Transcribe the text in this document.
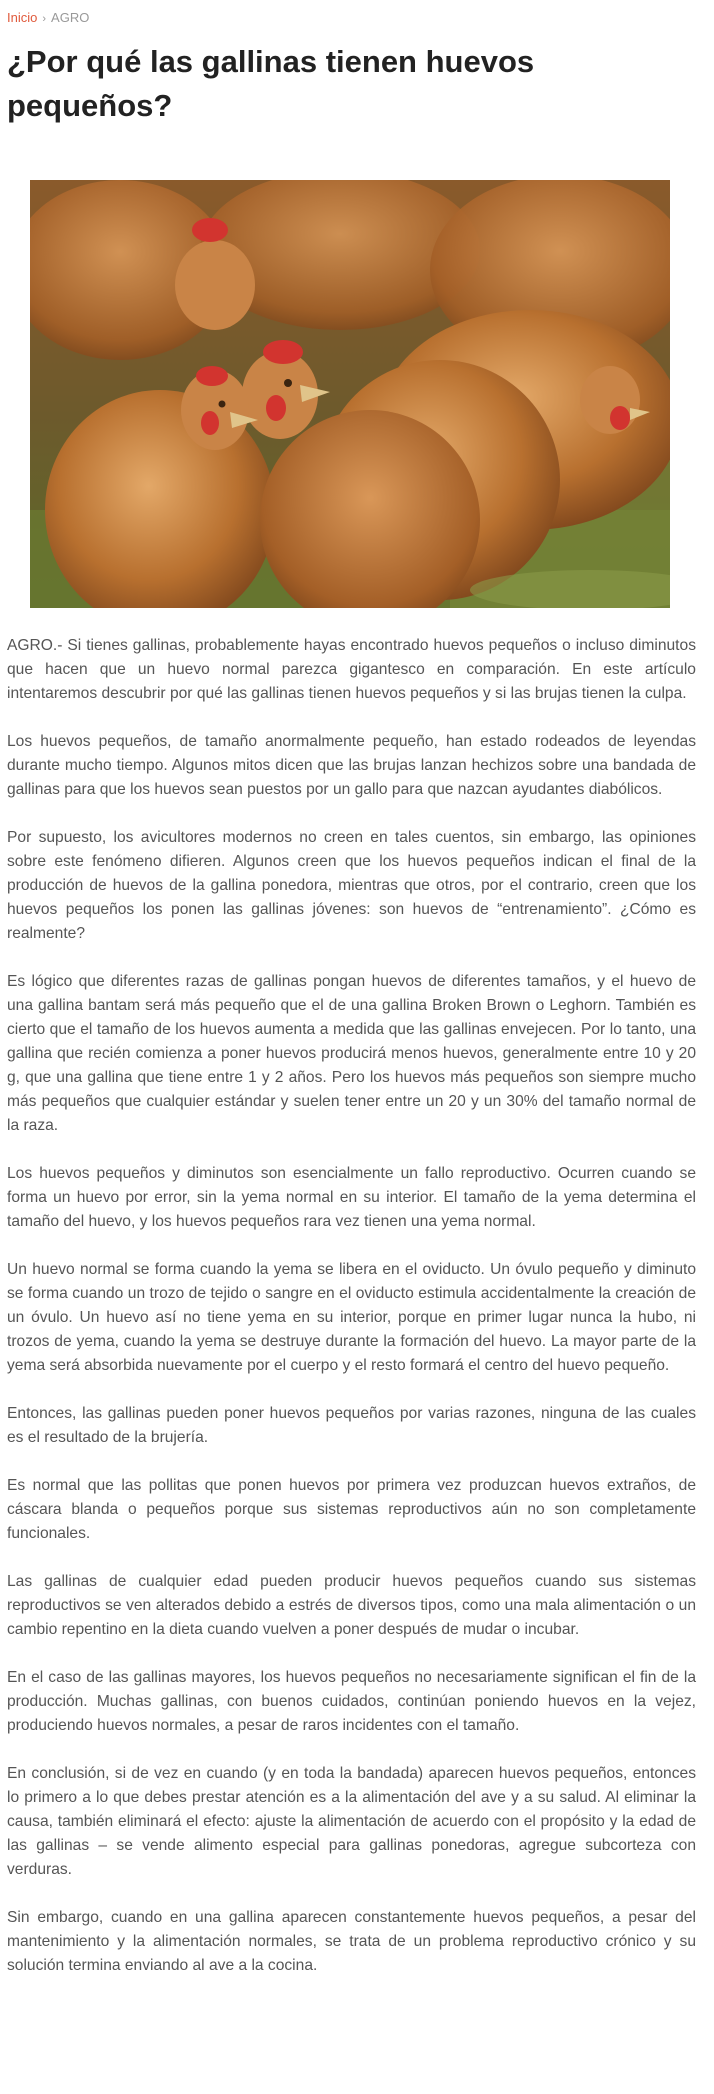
Inicio › AGRO
¿Por qué las gallinas tienen huevos pequeños?

AGRO.- Si tienes gallinas, probablemente hayas encontrado huevos pequeños o incluso diminutos que hacen que un huevo normal parezca gigantesco en comparación. En este artículo intentaremos descubrir por qué las gallinas tienen huevos pequeños y si las brujas tienen la culpa.

Los huevos pequeños, de tamaño anormalmente pequeño, han estado rodeados de leyendas durante mucho tiempo. Algunos mitos dicen que las brujas lanzan hechizos sobre una bandada de gallinas para que los huevos sean puestos por un gallo para que nazcan ayudantes diabólicos.

Por supuesto, los avicultores modernos no creen en tales cuentos, sin embargo, las opiniones sobre este fenómeno difieren. Algunos creen que los huevos pequeños indican el final de la producción de huevos de la gallina ponedora, mientras que otros, por el contrario, creen que los huevos pequeños los ponen las gallinas jóvenes: son huevos de “entrenamiento”. ¿Cómo es realmente?

Es lógico que diferentes razas de gallinas pongan huevos de diferentes tamaños, y el huevo de una gallina bantam será más pequeño que el de una gallina Broken Brown o Leghorn. También es cierto que el tamaño de los huevos aumenta a medida que las gallinas envejecen. Por lo tanto, una gallina que recién comienza a poner huevos producirá menos huevos, generalmente entre 10 y 20 g, que una gallina que tiene entre 1 y 2 años. Pero los huevos más pequeños son siempre mucho más pequeños que cualquier estándar y suelen tener entre un 20 y un 30% del tamaño normal de la raza.

Los huevos pequeños y diminutos son esencialmente un fallo reproductivo. Ocurren cuando se forma un huevo por error, sin la yema normal en su interior. El tamaño de la yema determina el tamaño del huevo, y los huevos pequeños rara vez tienen una yema normal.

Un huevo normal se forma cuando la yema se libera en el oviducto. Un óvulo pequeño y diminuto se forma cuando un trozo de tejido o sangre en el oviducto estimula accidentalmente la creación de un óvulo. Un huevo así no tiene yema en su interior, porque en primer lugar nunca la hubo, ni trozos de yema, cuando la yema se destruye durante la formación del huevo. La mayor parte de la yema será absorbida nuevamente por el cuerpo y el resto formará el centro del huevo pequeño.

Entonces, las gallinas pueden poner huevos pequeños por varias razones, ninguna de las cuales es el resultado de la brujería.

Es normal que las pollitas que ponen huevos por primera vez produzcan huevos extraños, de cáscara blanda o pequeños porque sus sistemas reproductivos aún no son completamente funcionales.

Las gallinas de cualquier edad pueden producir huevos pequeños cuando sus sistemas reproductivos se ven alterados debido a estrés de diversos tipos, como una mala alimentación o un cambio repentino en la dieta cuando vuelven a poner después de mudar o incubar.

En el caso de las gallinas mayores, los huevos pequeños no necesariamente significan el fin de la producción. Muchas gallinas, con buenos cuidados, continúan poniendo huevos en la vejez, produciendo huevos normales, a pesar de raros incidentes con el tamaño.

En conclusión, si de vez en cuando (y en toda la bandada) aparecen huevos pequeños, entonces lo primero a lo que debes prestar atención es a la alimentación del ave y a su salud. Al eliminar la causa, también eliminará el efecto: ajuste la alimentación de acuerdo con el propósito y la edad de las gallinas – se vende alimento especial para gallinas ponedoras, agregue subcorteza con verduras.

Sin embargo, cuando en una gallina aparecen constantemente huevos pequeños, a pesar del mantenimiento y la alimentación normales, se trata de un problema reproductivo crónico y su solución termina enviando al ave a la cocina.
